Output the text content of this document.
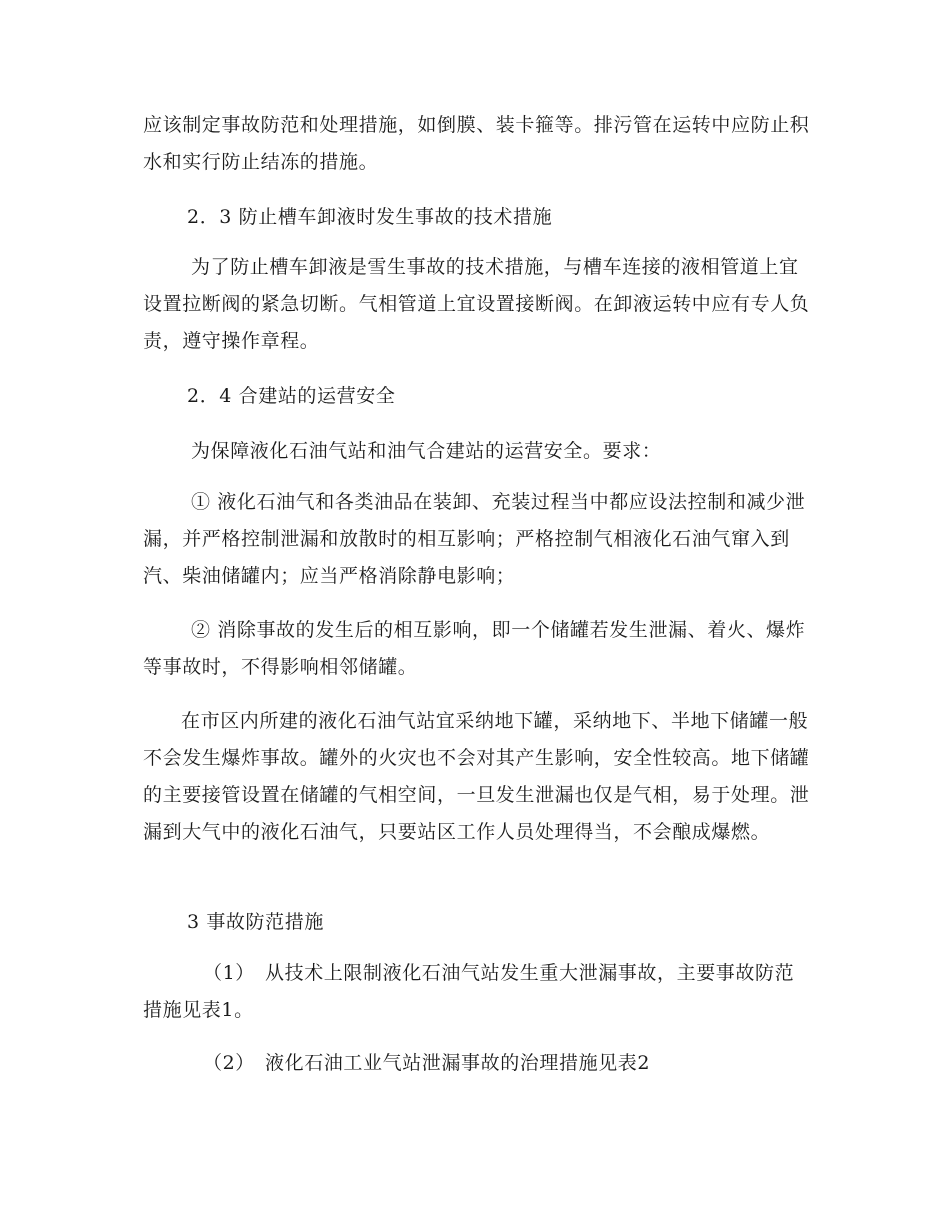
应该制定事故防范和处理措施，如倒膜、装卡箍等。排污管在运转中应防止积水和实行防止结冻的措施。

2．3 防止槽车卸液时发生事故的技术措施

为了防止槽车卸液是雪生事故的技术措施，与槽车连接的液相管道上宜设置拉断阀的紧急切断。气相管道上宜设置接断阀。在卸液运转中应有专人负责，遵守操作章程。

2．4 合建站的运营安全

为保障液化石油气站和油气合建站的运营安全。要求：

① 液化石油气和各类油品在装卸、充装过程当中都应设法控制和减少泄漏，并严格控制泄漏和放散时的相互影响；严格控制气相液化石油气窜入到汽、柴油储罐内；应当严格消除静电影响；

② 消除事故的发生后的相互影响，即一个储罐若发生泄漏、着火、爆炸等事故时，不得影响相邻储罐。

在市区内所建的液化石油气站宜采纳地下罐，采纳地下、半地下储罐一般不会发生爆炸事故。罐外的火灾也不会对其产生影响，安全性较高。地下储罐的主要接管设置在储罐的气相空间，一旦发生泄漏也仅是气相，易于处理。泄漏到大气中的液化石油气，只要站区工作人员处理得当，不会酿成爆燃。

3 事故防范措施

（1）　从技术上限制液化石油气站发生重大泄漏事故，主要事故防范措施见表1。

（2）　液化石油工业气站泄漏事故的治理措施见表2
